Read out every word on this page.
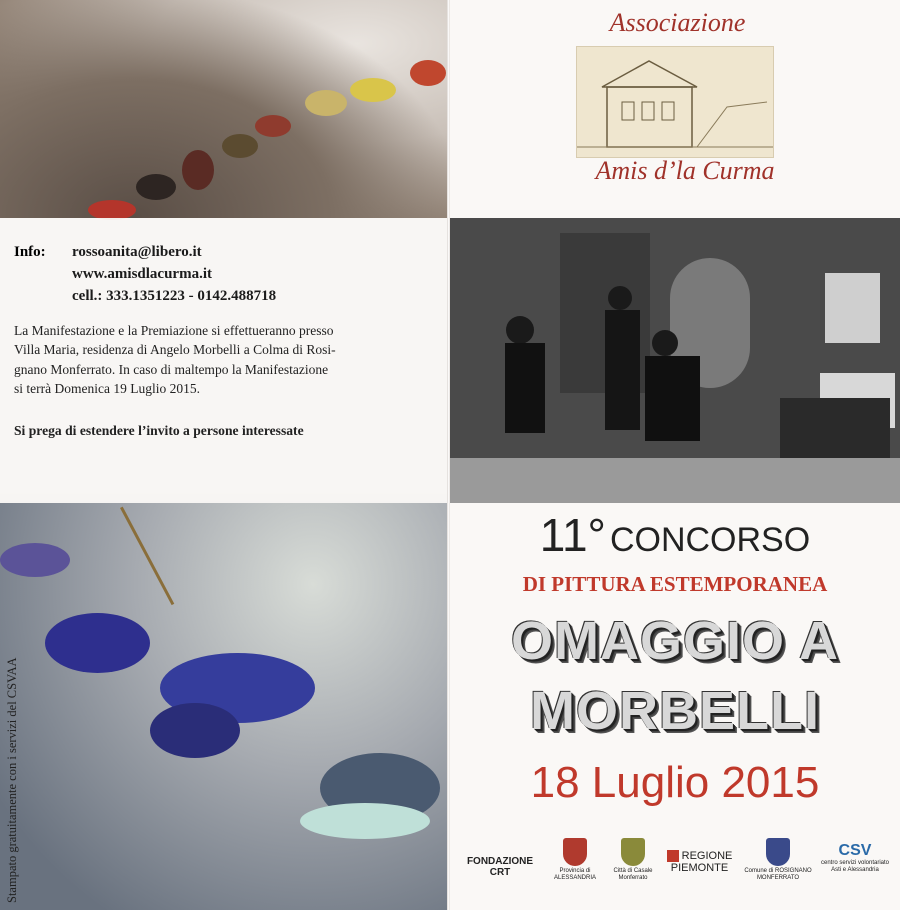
Info: rossoanita@libero.it
www.amisdlacurma.it
cell.: 333.1351223 - 0142.488718
La Manifestazione e la Premiazione si effettueranno presso
Villa Maria, residenza di Angelo Morbelli a Colma di Rosi-
gnano Monferrato. In caso di maltempo la Manifestazione
si terrà Domenica 19 Luglio 2015.
Si prega di estendere l’invito a persone interessate
Stampato gratuitamente con i servizi del CSVAA
Associazione
Amis d’la Curma
11° CONCORSO
DI PITTURA ESTEMPORANEA
OMAGGIO A
MORBELLI
18 Luglio 2015
FONDAZIONE CRT	Provincia di ALESSANDRIA
Città di Casale Monferrato
REGIONE PIEMONTE	Comune di ROSIGNANO MONFERRATO
CSV
centro servizi volontariato Asti e Alessandria
